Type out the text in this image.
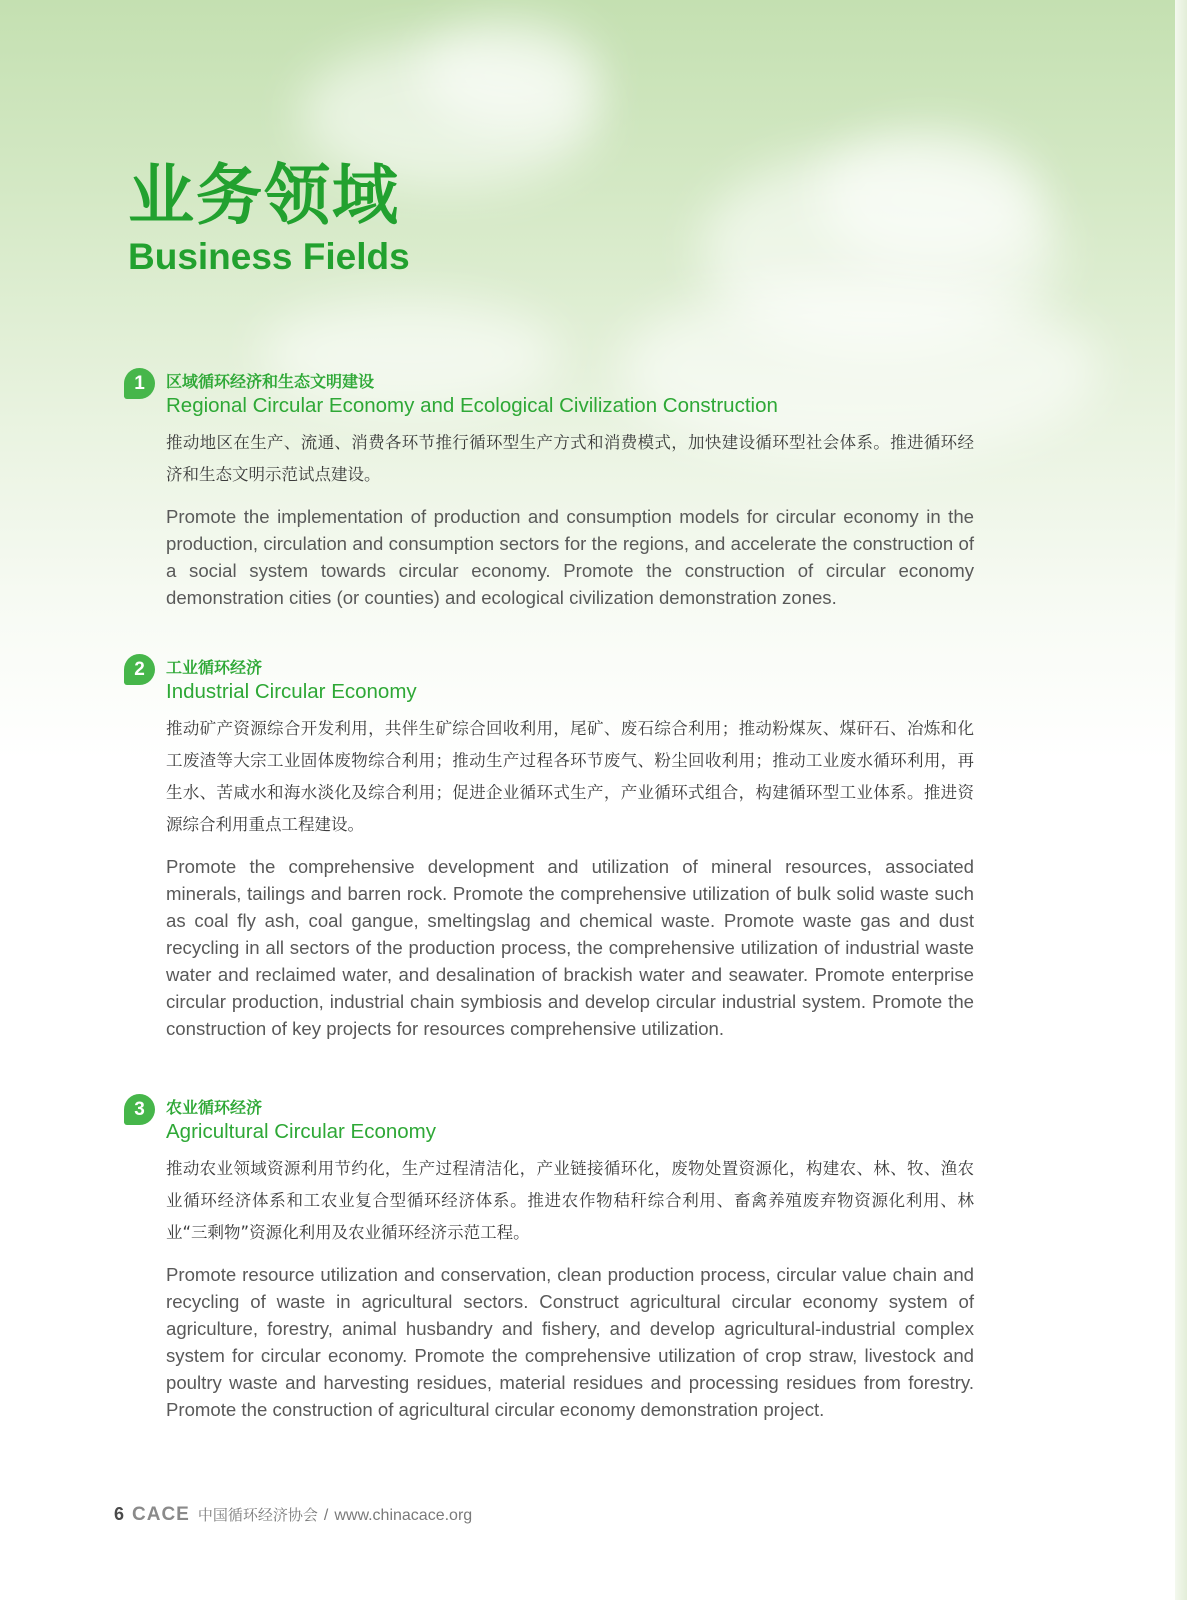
业务领域
Business Fields
1	区域循环经济和生态文明建设
Regional Circular Economy and Ecological Civilization Construction
推动地区在生产、流通、消费各环节推行循环型生产方式和消费模式，加快建设循环型社会体系。推进循环经济和生态文明示范试点建设。
Promote the implementation of production and consumption models for circular economy in the production, circulation and consumption sectors for the regions, and accelerate the construction of a social system towards circular economy. Promote the construction of circular economy demonstration cities (or counties) and ecological civilization demonstration zones.
2	工业循环经济
Industrial Circular Economy
推动矿产资源综合开发利用，共伴生矿综合回收利用，尾矿、废石综合利用；推动粉煤灰、煤矸石、冶炼和化工废渣等大宗工业固体废物综合利用；推动生产过程各环节废气、粉尘回收利用；推动工业废水循环利用，再生水、苦咸水和海水淡化及综合利用；促进企业循环式生产，产业循环式组合，构建循环型工业体系。推进资源综合利用重点工程建设。
Promote the comprehensive development and utilization of mineral resources, associated minerals, tailings and barren rock. Promote the comprehensive utilization of bulk solid waste such as coal fly ash, coal gangue, smeltingslag and chemical waste. Promote waste gas and dust recycling in all sectors of the production process, the comprehensive utilization of industrial waste water and reclaimed water, and desalination of brackish water and seawater. Promote enterprise circular production, industrial chain symbiosis and develop circular industrial system. Promote the construction of key projects for resources comprehensive utilization.
3	农业循环经济
Agricultural Circular Economy
推动农业领域资源利用节约化，生产过程清洁化，产业链接循环化，废物处置资源化，构建农、林、牧、渔农业循环经济体系和工农业复合型循环经济体系。推进农作物秸秆综合利用、畜禽养殖废弃物资源化利用、林业“三剩物”资源化利用及农业循环经济示范工程。
Promote resource utilization and conservation, clean production process, circular value chain and recycling of waste in agricultural sectors. Construct agricultural circular economy system of agriculture, forestry, animal husbandry and fishery, and develop agricultural-industrial complex system for circular economy. Promote the comprehensive utilization of crop straw, livestock and poultry waste and harvesting residues, material residues and processing residues from forestry. Promote the construction of agricultural circular economy demonstration project.
6 CACE 中国循环经济协会 / www.chinacace.org
